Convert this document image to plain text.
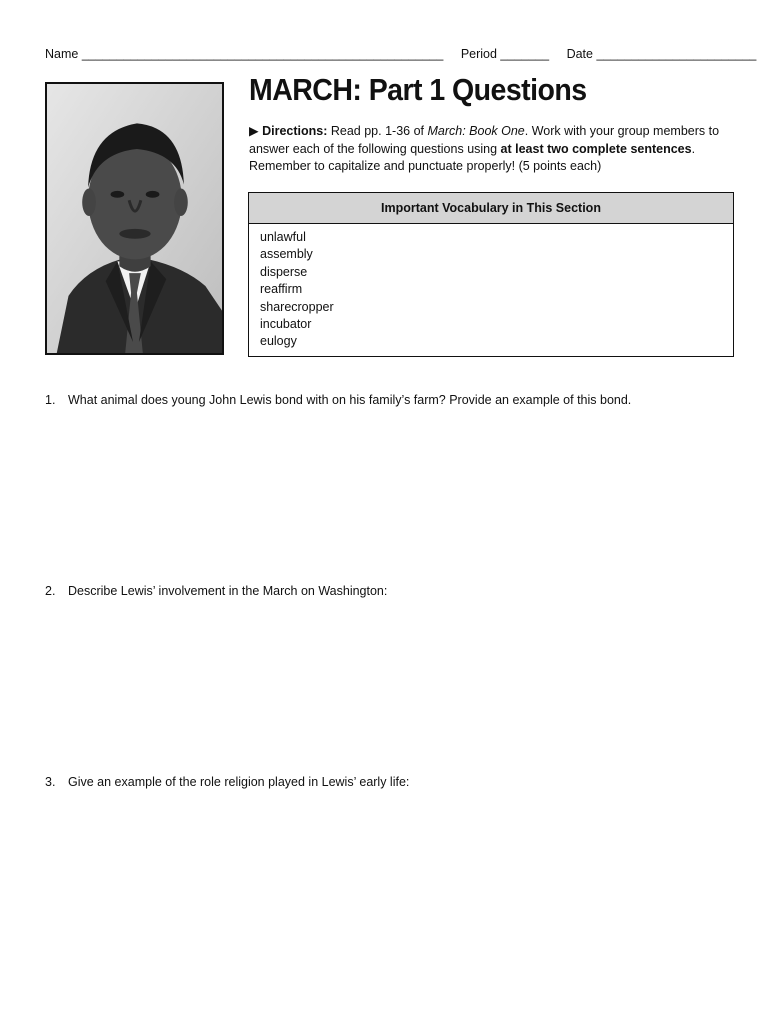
Name ____________________________________________________ Period _______ Date _______________________
MARCH: Part 1 Questions
▶ Directions: Read pp. 1-36 of March: Book One. Work with your group members to answer each of the following questions using at least two complete sentences. Remember to capitalize and punctuate properly! (5 points each)
Important Vocabulary in This Section
unlawful
assembly
disperse
reaffirm
sharecropper
incubator
eulogy
1. What animal does young John Lewis bond with on his family’s farm? Provide an example of this bond.
2. Describe Lewis’ involvement in the March on Washington:
3. Give an example of the role religion played in Lewis’ early life:
